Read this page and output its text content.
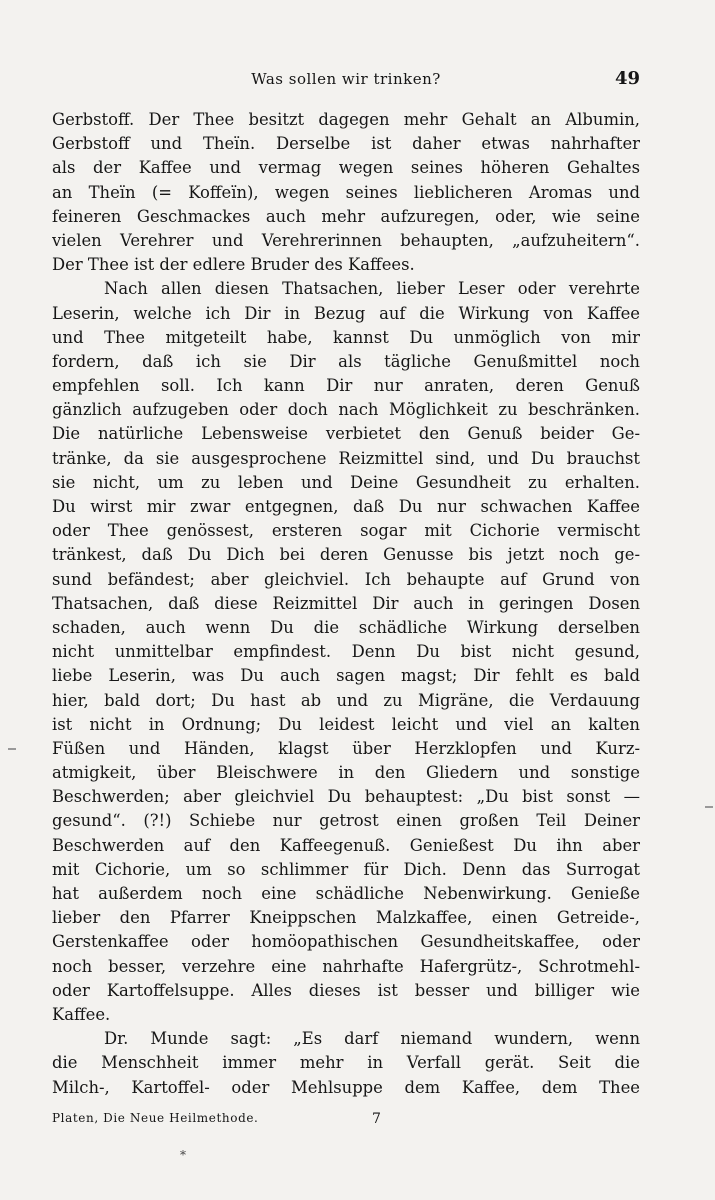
Was sollen wir trinken?	49
Gerbstoff. Der Thee besitzt dagegen mehr Gehalt an Albumin,
Gerbstoff und Theïn. Derselbe ist daher etwas nahrhafter
als der Kaffee und vermag wegen seines höheren Gehaltes
an Theïn (= Koffeïn), wegen seines lieblicheren Aromas und
feineren Geschmackes auch mehr aufzuregen, oder, wie seine
vielen Verehrer und Verehrerinnen behaupten, „aufzuheitern“.
Der Thee ist der edlere Bruder des Kaffees.
Nach allen diesen Thatsachen, lieber Leser oder verehrte
Leserin, welche ich Dir in Bezug auf die Wirkung von Kaffee
und Thee mitgeteilt habe, kannst Du unmöglich von mir
fordern, daß ich sie Dir als tägliche Genußmittel noch
empfehlen soll. Ich kann Dir nur anraten, deren Genuß
gänzlich aufzugeben oder doch nach Möglichkeit zu beschränken.
Die natürliche Lebensweise verbietet den Genuß beider Ge-
tränke, da sie ausgesprochene Reizmittel sind, und Du brauchst
sie nicht, um zu leben und Deine Gesundheit zu erhalten.
Du wirst mir zwar entgegnen, daß Du nur schwachen Kaffee
oder Thee genössest, ersteren sogar mit Cichorie vermischt
tränkest, daß Du Dich bei deren Genusse bis jetzt noch ge-
sund befändest; aber gleichviel. Ich behaupte auf Grund von
Thatsachen, daß diese Reizmittel Dir auch in geringen Dosen
schaden, auch wenn Du die schädliche Wirkung derselben
nicht unmittelbar empfindest. Denn Du bist nicht gesund,
liebe Leserin, was Du auch sagen magst; Dir fehlt es bald
hier, bald dort; Du hast ab und zu Migräne, die Verdauung
ist nicht in Ordnung; Du leidest leicht und viel an kalten
Füßen und Händen, klagst über Herzklopfen und Kurz-
atmigkeit, über Bleischwere in den Gliedern und sonstige
Beschwerden; aber gleichviel Du behauptest: „Du bist sonst —
gesund“. (?!) Schiebe nur getrost einen großen Teil Deiner
Beschwerden auf den Kaffeegenuß. Genießest Du ihn aber
mit Cichorie, um so schlimmer für Dich. Denn das Surrogat
hat außerdem noch eine schädliche Nebenwirkung. Genieße
lieber den Pfarrer Kneippschen Malzkaffee, einen Getreide-,
Gerstenkaffee oder homöopathischen Gesundheitskaffee, oder
noch besser, verzehre eine nahrhafte Hafergrütz-, Schrotmehl-
oder Kartoffelsuppe. Alles dieses ist besser und billiger wie
Kaffee.
Dr. Munde sagt: „Es darf niemand wundern, wenn
die Menschheit immer mehr in Verfall gerät. Seit die
Milch-, Kartoffel- oder Mehlsuppe dem Kaffee, dem Thee
Platen, Die Neue Heilmethode.	7
*
